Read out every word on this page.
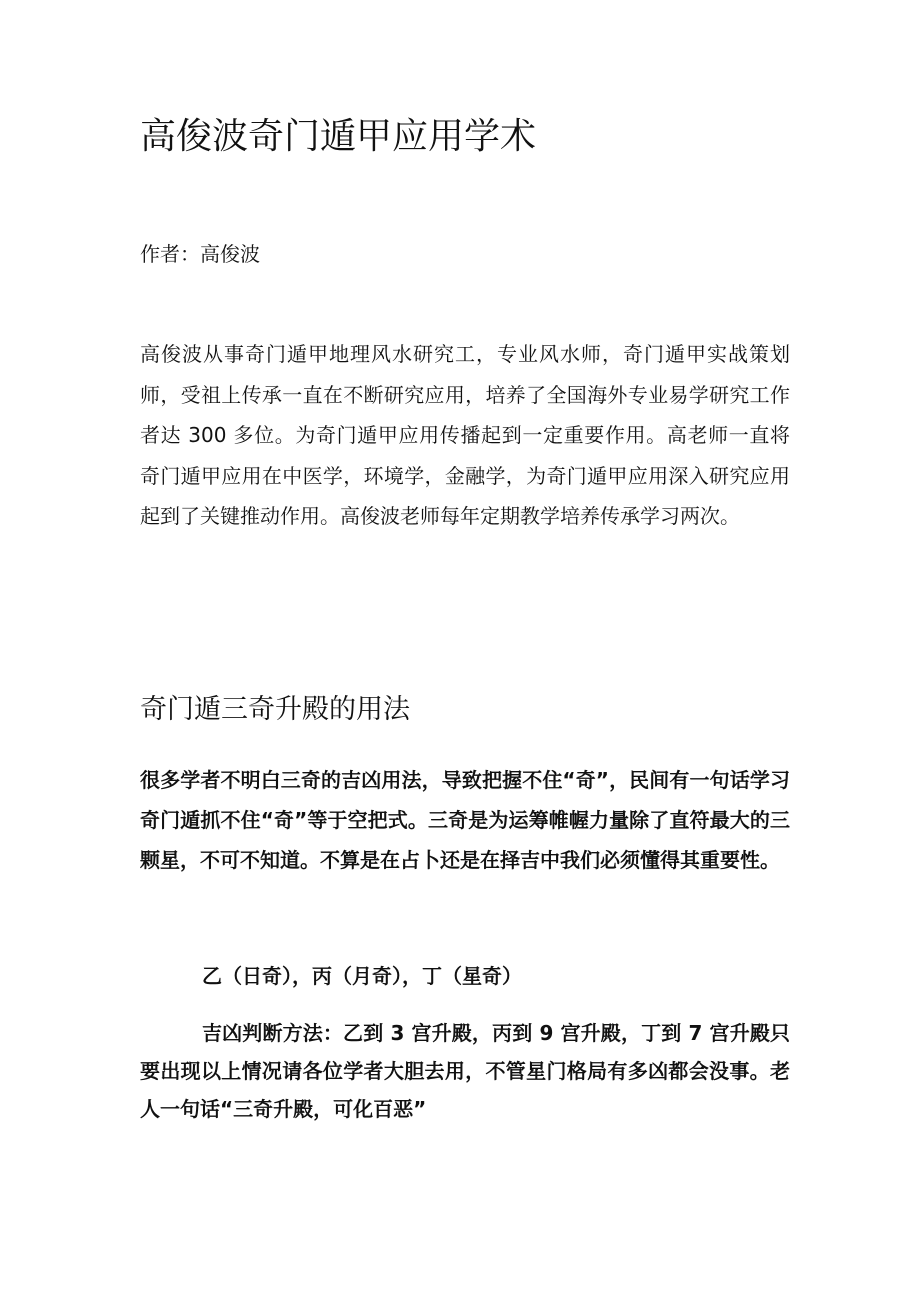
高俊波奇门遁甲应用学术

作者：高俊波

高俊波从事奇门遁甲地理风水研究工，专业风水师，奇门遁甲实战策划师，受祖上传承一直在不断研究应用，培养了全国海外专业易学研究工作者达 300 多位。为奇门遁甲应用传播起到一定重要作用。高老师一直将奇门遁甲应用在中医学，环境学，金融学，为奇门遁甲应用深入研究应用起到了关键推动作用。高俊波老师每年定期教学培养传承学习两次。

奇门遁三奇升殿的用法

很多学者不明白三奇的吉凶用法，导致把握不住“奇”，民间有一句话学习奇门遁抓不住“奇”等于空把式。三奇是为运筹帷幄力量除了直符最大的三颗星，不可不知道。不算是在占卜还是在择吉中我们必须懂得其重要性。

乙（日奇），丙（月奇），丁（星奇）

吉凶判断方法：乙到 3 宫升殿，丙到 9 宫升殿，丁到 7 宫升殿只要出现以上情况请各位学者大胆去用，不管星门格局有多凶都会没事。老人一句话“三奇升殿，可化百恶”
